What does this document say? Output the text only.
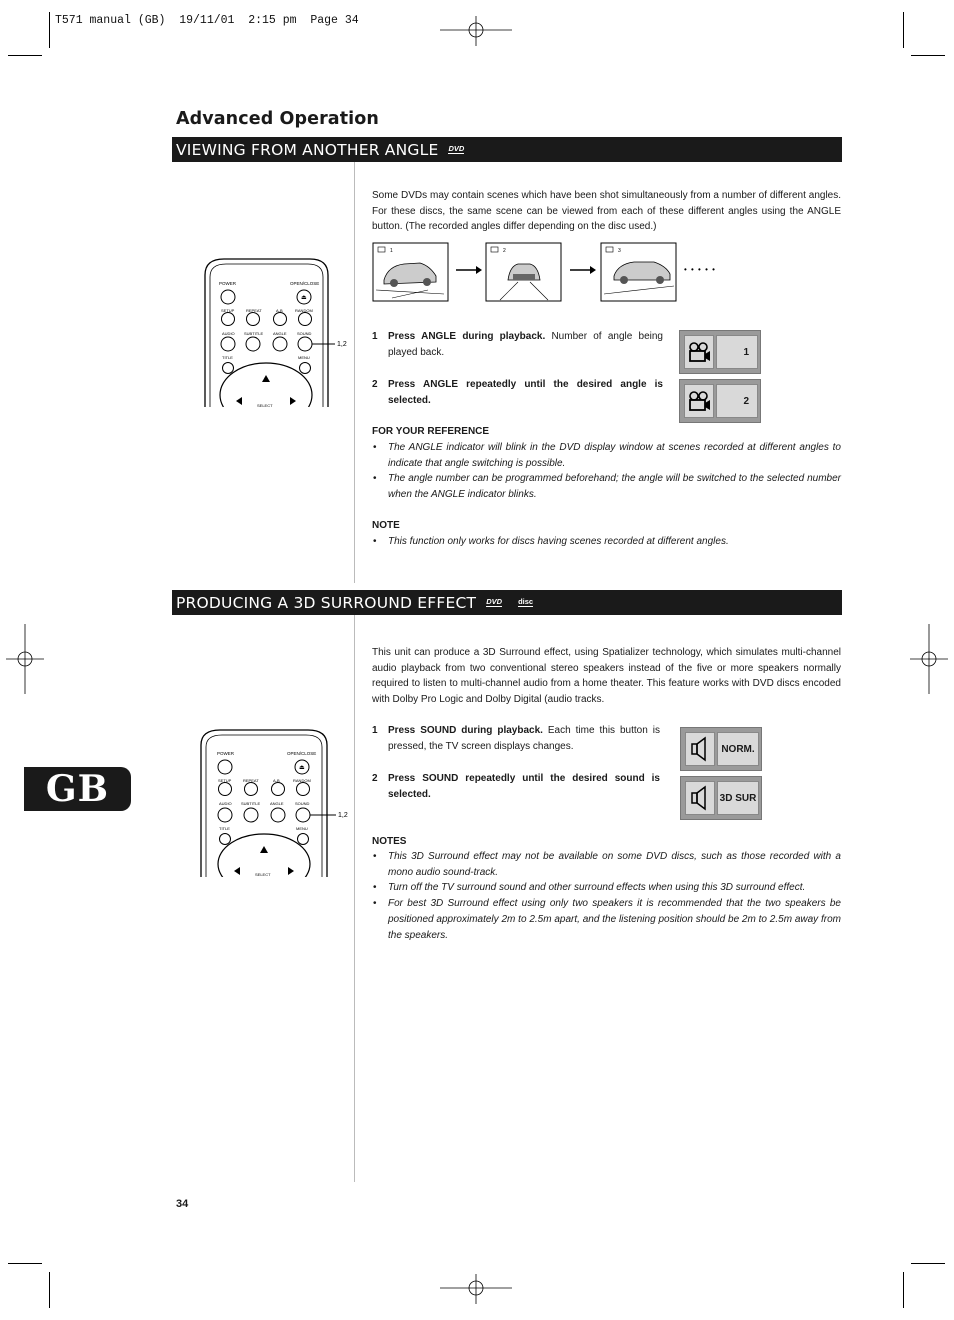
T571 manual (GB)  19/11/01  2:15 pm  Page 34
Advanced Operation
VIEWING FROM ANOTHER ANGLE DVD
Some DVDs may contain scenes which have been shot simultaneously from a number of different angles. For these discs, the same scene can be viewed from each of these different angles using the ANGLE button. (The recorded angles differ depending on the disc used.)
1	2	3
• • • • •
POWER	OPEN/CLOSE
⏏
SETUP	REPEAT	A-B	RANDOM
AUDIO SUBTITLE ANGLE	SOUND
1,2
TITLE	MENU
SELECT
1 Press ANGLE during playback. Number of angle being played back.
2 Press ANGLE repeatedly until the desired angle is selected.
1
2
FOR YOUR REFERENCE
• The ANGLE indicator will blink in the DVD display window at scenes recorded at different angles to indicate that angle switching is possible.
• The angle number can be programmed beforehand; the angle will be switched to the selected number when the ANGLE indicator blinks.
NOTE
• This function only works for discs having scenes recorded at different angles.
PRODUCING A 3D SURROUND EFFECT DVD disc
This unit can produce a 3D Surround effect, using Spatializer technology, which simulates multi-channel audio playback from two conventional stereo speakers instead of the five or more speakers normally required to listen to multi-channel audio from a home theater. This feature works with DVD discs encoded with Dolby Pro Logic and Dolby Digital (audio tracks.
POWER	OPEN/CLOSE
⏏
SETUP	REPEAT	A-B	RANDOM
AUDIO SUBTITLE ANGLE	SOUND
1,2
TITLE	MENU
SELECT
1 Press SOUND during playback. Each time this button is pressed, the TV screen displays changes.
2 Press SOUND repeatedly until the desired sound is selected.
NORM.
3D SUR
NOTES
• This 3D Surround effect may not be available on some DVD discs, such as those recorded with a mono audio sound-track.
• Turn off the TV surround sound and other surround effects when using this 3D surround effect.
• For best 3D Surround effect using only two speakers it is recommended that the two speakers be positioned approximately 2m to 2.5m apart, and the listening position should be 2m to 2.5m away from the speakers.
GB
34
